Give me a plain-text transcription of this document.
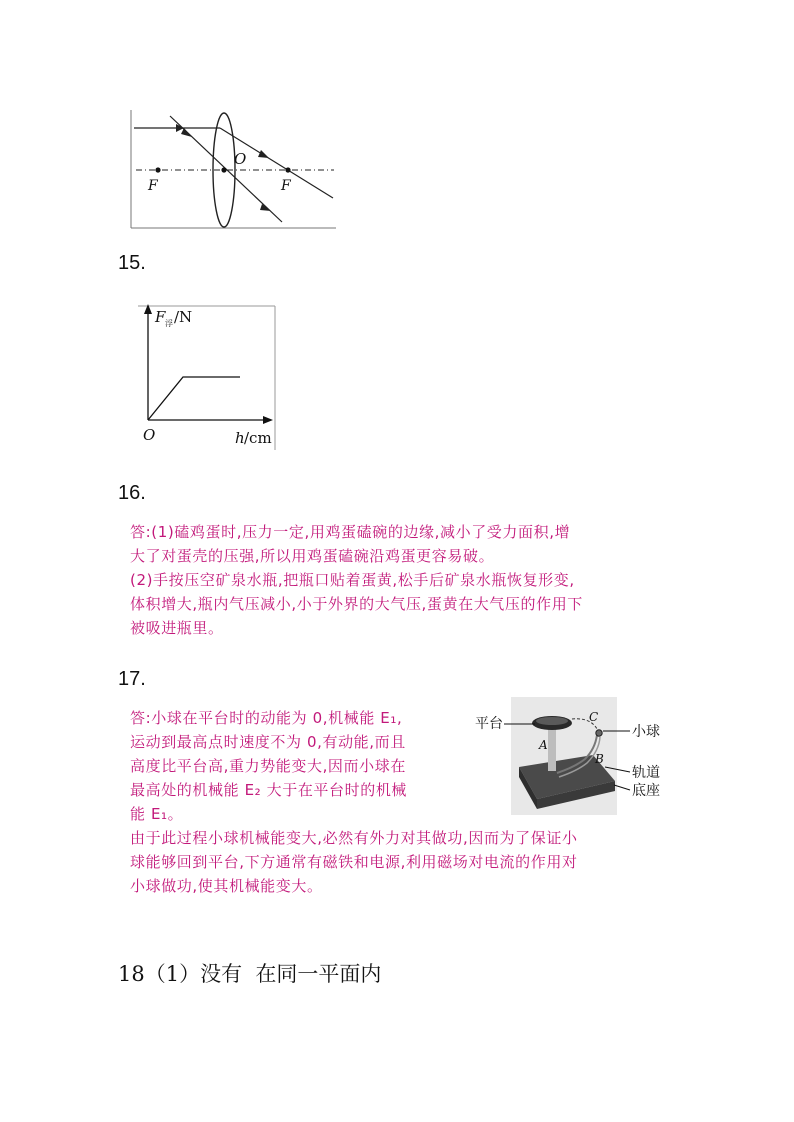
O
F	F
15.
F 浮 /N
O	h /cm
16.
答:(1)磕鸡蛋时,压力一定,用鸡蛋磕碗的边缘,减小了受力面积,增
大了对蛋壳的压强,所以用鸡蛋磕碗沿鸡蛋更容易破。
(2)手按压空矿泉水瓶,把瓶口贴着蛋黄,松手后矿泉水瓶恢复形变,
体积增大,瓶内气压减小,小于外界的大气压,蛋黄在大气压的作用下
被吸进瓶里。
17.
答:小球在平台时的动能为 0,机械能 E₁,
运动到最高点时速度不为 0,有动能,而且
高度比平台高,重力势能变大,因而小球在
最高处的机械能 E₂ 大于在平台时的机械
能 E₁。
平台
A
B
C
小球
轨道
底座
由于此过程小球机械能变大,必然有外力对其做功,因而为了保证小
球能够回到平台,下方通常有磁铁和电源,利用磁场对电流的作用对
小球做功,使其机械能变大。
18（1）没有  在同一平面内
